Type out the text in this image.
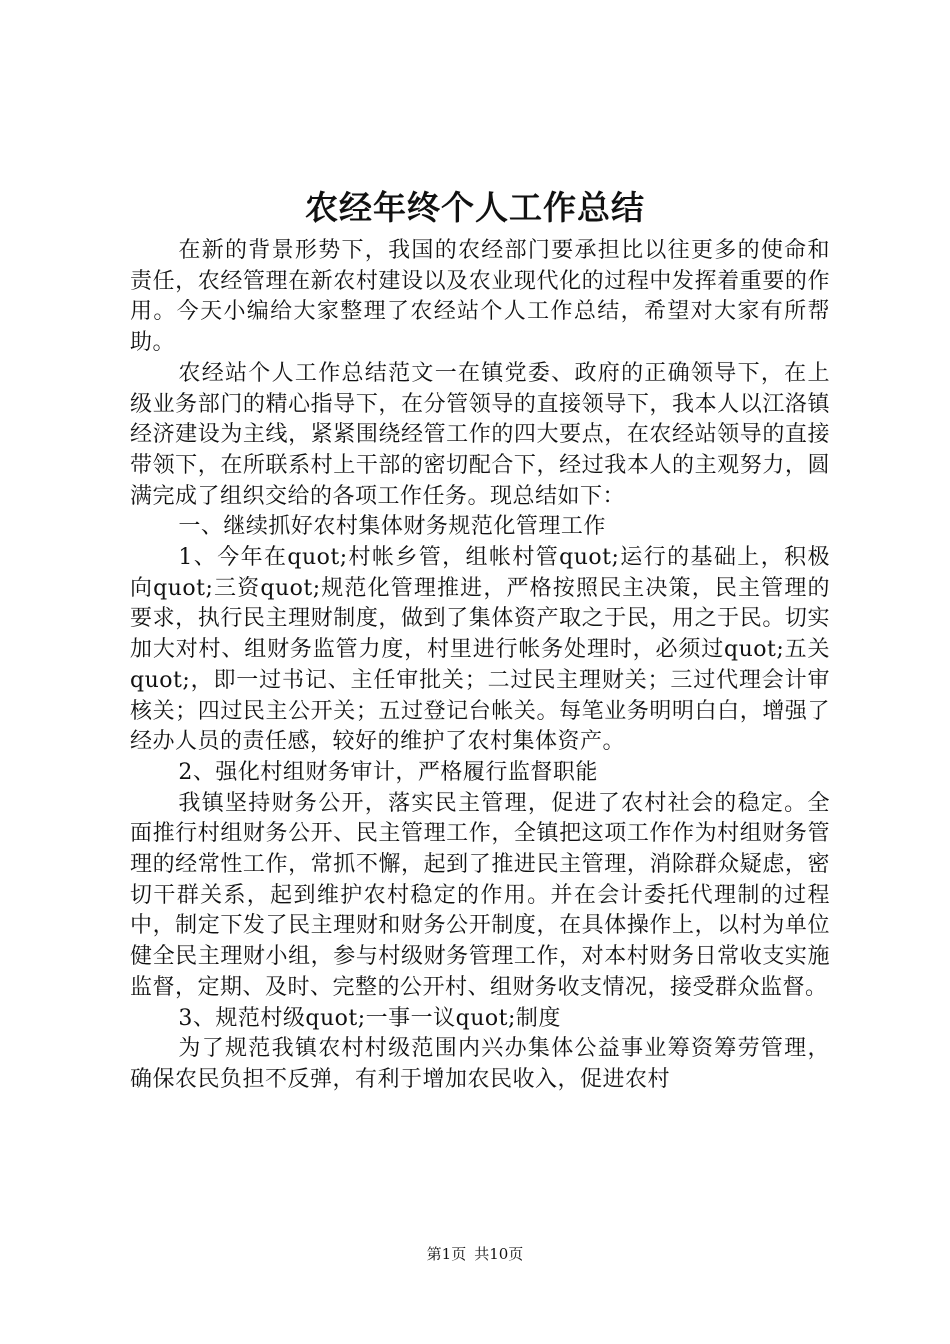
农经年终个人工作总结

在新的背景形势下，我国的农经部门要承担比以往更多的使命和责任，农经管理在新农村建设以及农业现代化的过程中发挥着重要的作用。今天小编给大家整理了农经站个人工作总结，希望对大家有所帮助。

农经站个人工作总结范文一在镇党委、政府的正确领导下，在上级业务部门的精心指导下，在分管领导的直接领导下，我本人以江洛镇经济建设为主线，紧紧围绕经管工作的四大要点，在农经站领导的直接带领下，在所联系村上干部的密切配合下，经过我本人的主观努力，圆满完成了组织交给的各项工作任务。现总结如下：

一、继续抓好农村集体财务规范化管理工作

1、今年在quot;村帐乡管，组帐村管quot;运行的基础上，积极向quot;三资quot;规范化管理推进，严格按照民主决策，民主管理的要求，执行民主理财制度，做到了集体资产取之于民，用之于民。切实加大对村、组财务监管力度，村里进行帐务处理时，必须过quot;五关quot;，即一过书记、主任审批关；二过民主理财关；三过代理会计审核关；四过民主公开关；五过登记台帐关。每笔业务明明白白，增强了经办人员的责任感，较好的维护了农村集体资产。

2、强化村组财务审计，严格履行监督职能

我镇坚持财务公开，落实民主管理，促进了农村社会的稳定。全面推行村组财务公开、民主管理工作，全镇把这项工作作为村组财务管理的经常性工作，常抓不懈，起到了推进民主管理，消除群众疑虑，密切干群关系，起到维护农村稳定的作用。并在会计委托代理制的过程中，制定下发了民主理财和财务公开制度，在具体操作上，以村为单位健全民主理财小组，参与村级财务管理工作，对本村财务日常收支实施监督，定期、及时、完整的公开村、组财务收支情况，接受群众监督。

3、规范村级quot;一事一议quot;制度

为了规范我镇农村村级范围内兴办集体公益事业筹资筹劳管理，确保农民负担不反弹，有利于增加农民收入，促进农村

第1页 共10页
